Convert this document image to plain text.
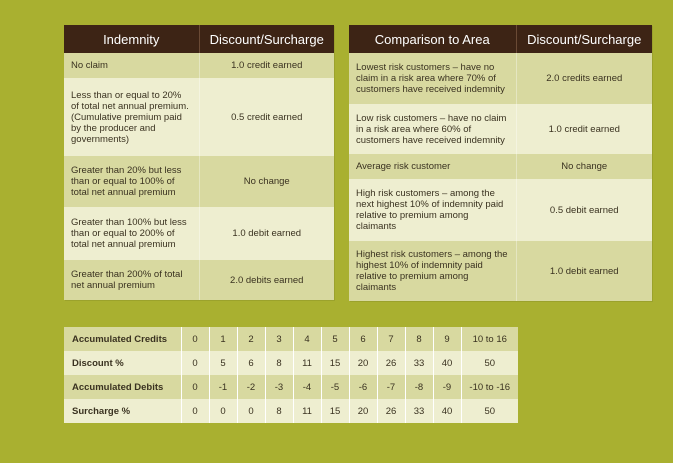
Indemnity	Discount/Surcharge
No claim	1.0 credit earned
Less than or equal to 20% of total net annual premium. (Cumulative premium paid by the producer and governments)	0.5 credit earned
Greater than 20% but less than or equal to 100% of total net annual premium	No change
Greater than 100% but less than or equal to 200% of total net annual premium	1.0 debit earned
Greater than 200% of total net annual premium	2.0 debits earned
Comparison to Area	Discount/Surcharge
Lowest risk customers – have no claim in a risk area where 70% of customers have received indemnity	2.0 credits earned
Low risk customers – have no claim in a risk area where 60% of customers have received indemnity	1.0 credit earned
Average risk customer	No change
High risk customers – among the next highest 10% of indemnity paid relative to premium among claimants	0.5 debit earned
Highest risk customers – among the highest 10% of indemnity paid relative to premium among claimants	1.0 debit earned
Accumulated Credits	0	1	2	3	4	5	6	7	8	9	10 to 16
Discount %	0	5	6	8	11	15	20	26	33	40	50
Accumulated Debits	0	-1	-2	-3	-4	-5	-6	-7	-8	-9	-10 to -16
Surcharge %	0	0	0	8	11	15	20	26	33	40	50
